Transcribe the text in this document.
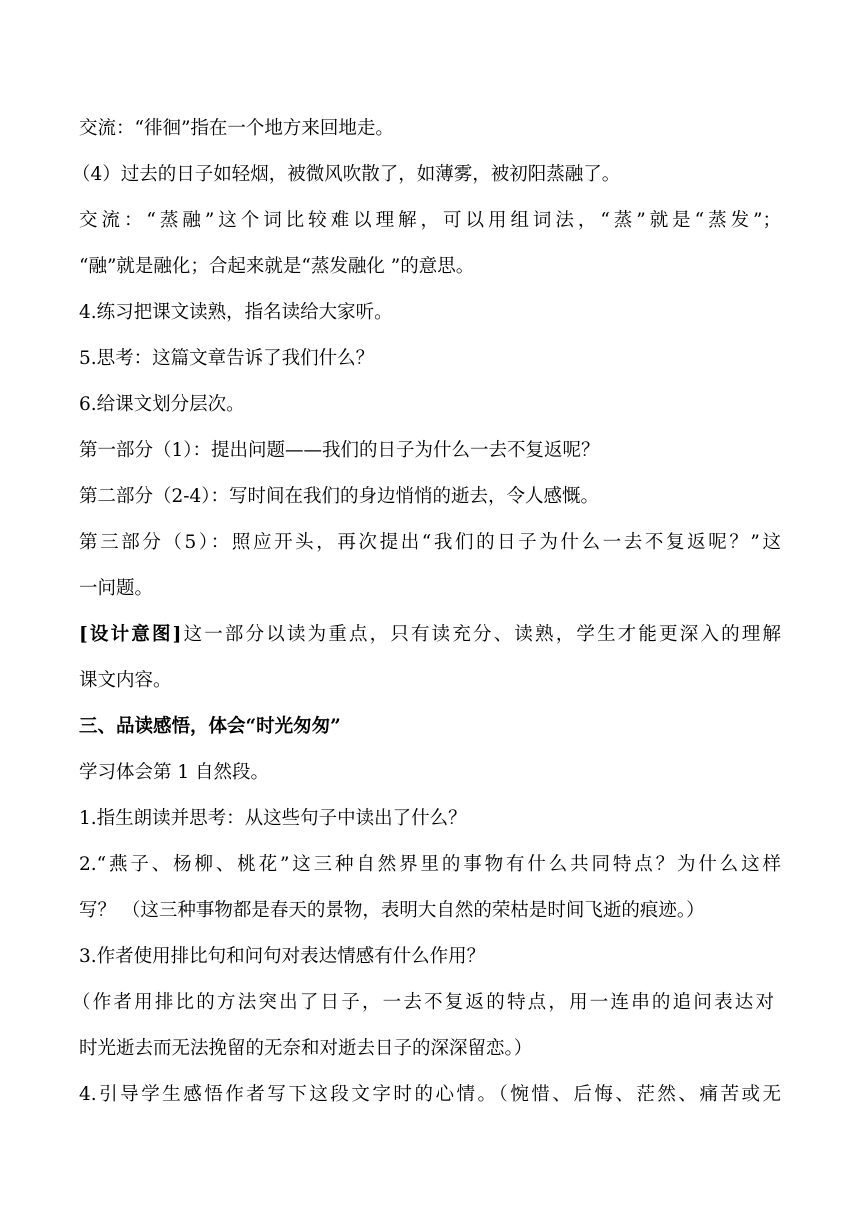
交流：“徘徊”指在一个地方来回地走。
（4）过去的日子如轻烟，被微风吹散了，如薄雾，被初阳蒸融了。
交流：“蒸融”这个词比较难以理解，可以用组词法，“蒸”就是“蒸发”；
“融”就是融化；合起来就是“蒸发融化 ”的意思。
4.练习把课文读熟，指名读给大家听。
5.思考：这篇文章告诉了我们什么？
6.给课文划分层次。
第一部分（1）：提出问题——我们的日子为什么一去不复返呢？
第二部分（2-4）：写时间在我们的身边悄悄的逝去，令人感慨。
第三部分（5）：照应开头，再次提出“我们的日子为什么一去不复返呢？”这
一问题。
[设计意图]这一部分以读为重点，只有读充分、读熟，学生才能更深入的理解
课文内容。
三、品读感悟，体会“时光匆匆”
学习体会第 1 自然段。
1.指生朗读并思考：从这些句子中读出了什么？
2.“燕子、杨柳、桃花”这三种自然界里的事物有什么共同特点？为什么这样
写？ （这三种事物都是春天的景物，表明大自然的荣枯是时间飞逝的痕迹。）
3.作者使用排比句和问句对表达情感有什么作用？
（作者用排比的方法突出了日子，一去不复返的特点，用一连串的追问表达对
时光逝去而无法挽留的无奈和对逝去日子的深深留恋。）
4.引导学生感悟作者写下这段文字时的心情。（惋惜、后悔、茫然、痛苦或无
